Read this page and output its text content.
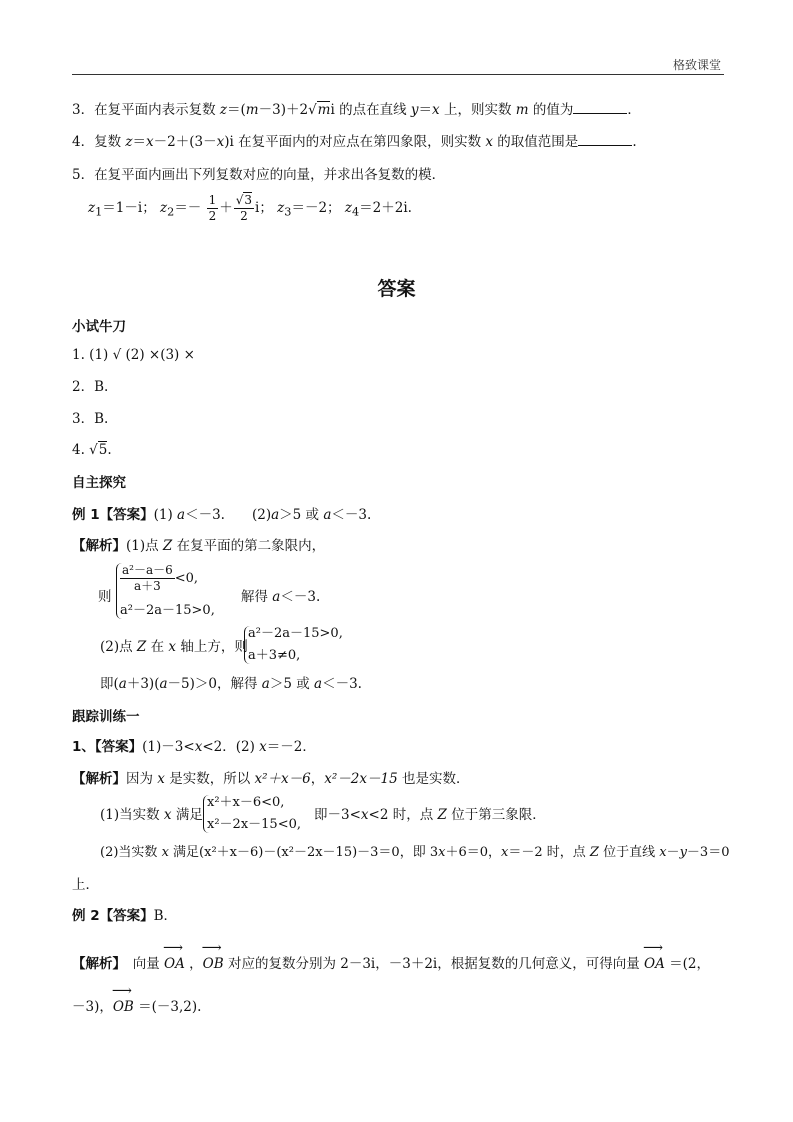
格致课堂
3．在复平面内表示复数 z＝(m－3)＋2√mi 的点在直线 y＝x 上，则实数 m 的值为	．
4．复数 z＝x－2＋(3－x)i 在复平面内的对应点在第四象限，则实数 x 的取值范围是	.
5．在复平面内画出下列复数对应的向量，并求出各复数的模．
$z_1=1-i$； $z_2=- \frac{1}{2} + \frac{√3}{2}$ i； $z_3=-2$； $z_4=2+2i$.
答案
小试牛刀
1. (1) √ (2) ×(3) ×
2．B.
3．B.
4. √5.
自主探究
例 1【答案】(1) a＜－3.　　(2)a＞5 或 a＜－3.
【解析】(1)点 Z 在复平面的第二象限内，
则
$\frac{\text{a²－a－6}}{a+3} <0$,
a²－2a－15>0,
解得 a＜－3.
(2)点 Z 在 x 轴上方，则
a²－2a－15>0,
a＋3≠0,
即(a＋3)(a－5)＞0，解得 a＞5 或 a＜－3.
跟踪训练一
1、【答案】(1)－3<x<2．(2) x＝－2．
【解析】因为 x 是实数，所以 x²＋x－6，x²－2x－15 也是实数．
(1)当实数 x 满足
x²＋x－6<0,
x²－2x－15<0,
即－3<x<2 时，点 Z 位于第三象限．
(2)当实数 x 满足(x²＋x－6)－(x²－2x－15)－3＝0，即 3x＋6＝0，x＝－2 时，点 Z 位于直线 x－y－3＝0
上．
例 2【答案】B．
【解析】　向量 ⟶ OA ，⟶ OB 对应的复数分别为 2－3i，－3＋2i，根据复数的几何意义，可得向量 ⟶ OA ＝(2，
－3)，⟶ OB ＝(－3,2).
